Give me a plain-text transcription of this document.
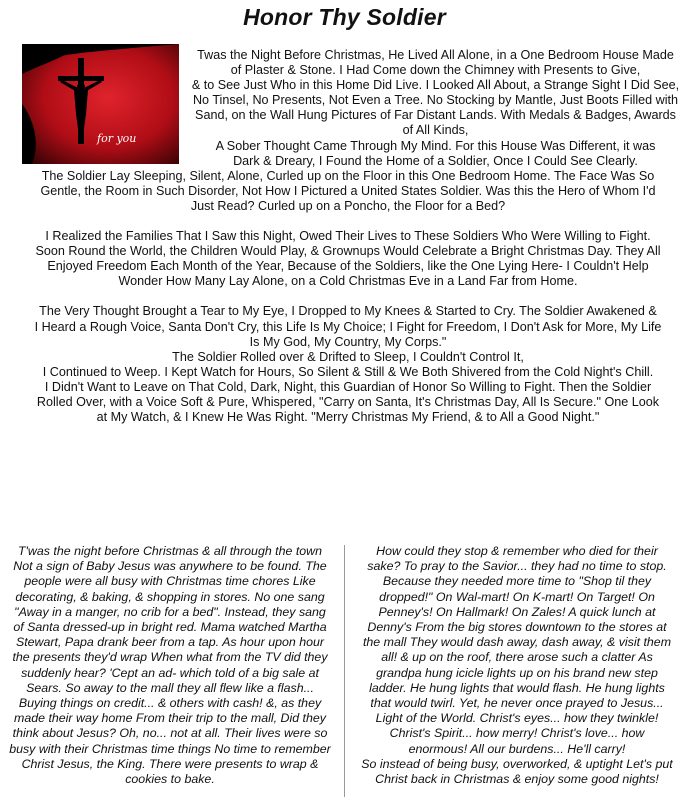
Honor Thy Soldier
for you
Twas the Night Before Christmas, He Lived All Alone, in a One Bedroom House Made
of Plaster & Stone. I Had Come down the Chimney with Presents to Give,
& to See Just Who in this Home Did Live. I Looked All About, a Strange Sight I Did See,
No Tinsel, No Presents, Not Even a Tree. No Stocking by Mantle, Just Boots Filled with
Sand, on the Wall Hung Pictures of Far Distant Lands. With Medals & Badges, Awards
of All Kinds,
A Sober Thought Came Through My Mind. For this House Was Different, it was
Dark & Dreary, I Found the Home of a Soldier, Once I Could See Clearly.
The Soldier Lay Sleeping, Silent, Alone, Curled up on the Floor in this One Bedroom Home. The Face Was So
Gentle, the Room in Such Disorder, Not How I Pictured a United States Soldier. Was this the Hero of Whom I'd
Just Read? Curled up on a Poncho, the Floor for a Bed?
I Realized the Families That I Saw this Night, Owed Their Lives to These Soldiers Who Were Willing to Fight.
Soon Round the World, the Children Would Play, & Grownups Would Celebrate a Bright Christmas Day. They All
Enjoyed Freedom Each Month of the Year, Because of the Soldiers, like the One Lying Here- I Couldn't Help
Wonder How Many Lay Alone, on a Cold Christmas Eve in a Land Far from Home.
The Very Thought Brought a Tear to My Eye, I Dropped to My Knees & Started to Cry. The Soldier Awakened &
I Heard a Rough Voice, Santa Don't Cry, this Life Is My Choice; I Fight for Freedom, I Don't Ask for More, My Life
Is My God, My Country, My Corps."
The Soldier Rolled over & Drifted to Sleep, I Couldn't Control It,
I Continued to Weep. I Kept Watch for Hours, So Silent & Still & We Both Shivered from the Cold Night's Chill.
I Didn't Want to Leave on That Cold, Dark, Night, this Guardian of Honor So Willing to Fight. Then the Soldier
Rolled Over, with a Voice Soft & Pure, Whispered, "Carry on Santa, It's Christmas Day, All Is Secure." One Look
at My Watch, & I Knew He Was Right. "Merry Christmas My Friend, & to All a Good Night."
T'was the night before Christmas & all through the town
Not a sign of Baby Jesus was anywhere to be found. The
people were all busy with Christmas time chores Like
decorating, & baking, & shopping in stores. No one sang
"Away in a manger, no crib for a bed". Instead, they sang
of Santa dressed-up in bright red. Mama watched Martha
Stewart, Papa drank beer from a tap. As hour upon hour
the presents they'd wrap When what from the TV did they
suddenly hear? 'Cept an ad- which told of a big sale at
Sears. So away to the mall they all flew like a flash...
Buying things on credit... & others with cash! &, as they
made their way home From their trip to the mall, Did they
think about Jesus? Oh, no... not at all. Their lives were so
busy with their Christmas time things No time to remember
Christ Jesus, the King. There were presents to wrap &
cookies to bake.
How could they stop & remember who died for their
sake? To pray to the Savior... they had no time to stop.
Because they needed more time to "Shop til they
dropped!" On Wal-mart! On K-mart! On Target! On
Penney's! On Hallmark! On Zales! A quick lunch at
Denny's From the big stores downtown to the stores at
the mall They would dash away, dash away, & visit them
all! & up on the roof, there arose such a clatter As
grandpa hung icicle lights up on his brand new step
ladder. He hung lights that would flash. He hung lights
that would twirl. Yet, he never once prayed to Jesus...
Light of the World. Christ's eyes... how they twinkle!
Christ's Spirit... how merry! Christ's love... how
enormous! All our burdens... He'll carry!
So instead of being busy, overworked, & uptight Let's put
Christ back in Christmas & enjoy some good nights!
